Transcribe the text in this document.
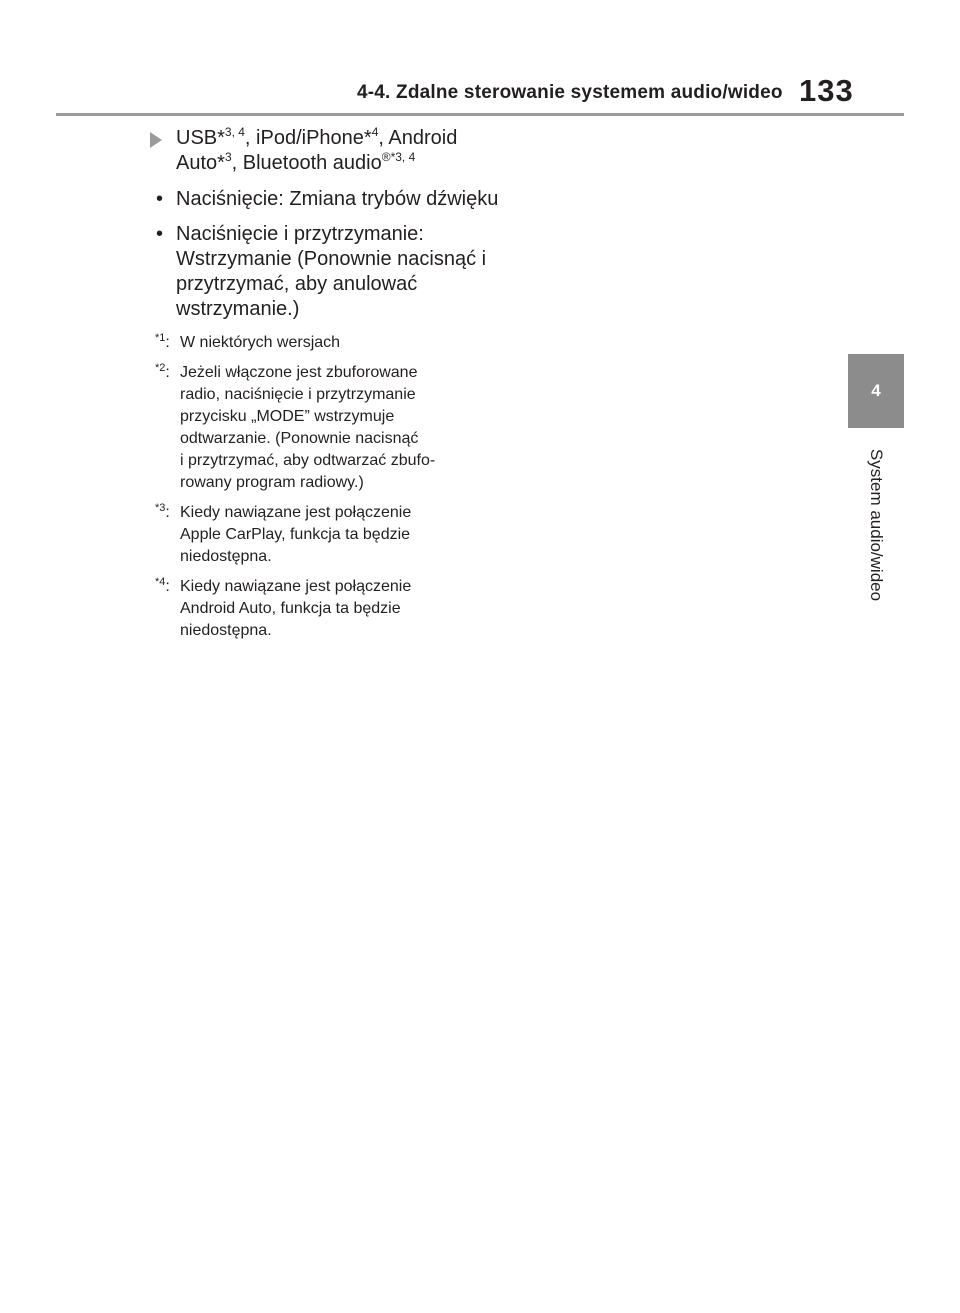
4-4. Zdalne sterowanie systemem audio/wideo 133
4
System audio/wideo
USB*$^{3, 4}$, iPod/iPhone*$^4$, Android Auto*$^3$, Bluetooth audio$^{®*3, 4}$
• Naciśnięcie: Zmiana trybów dźwięku
• Naciśnięcie i przytrzymanie: Wstrzymanie (Ponownie nacisnąć i przytrzymać, aby anulować wstrzymanie.)
$^{*1}$: W niektórych wersjach
$^{*2}$: Jeżeli włączone jest zbuforowane
radio, naciśnięcie i przytrzymanie
przycisku „MODE” wstrzymuje
odtwarzanie. (Ponownie nacisnąć
i przytrzymać, aby odtwarzać zbufo-
rowany program radiowy.)
$^{*3}$: Kiedy nawiązane jest połączenie
Apple CarPlay, funkcja ta będzie
niedostępna.
$^{*4}$: Kiedy nawiązane jest połączenie
Android Auto, funkcja ta będzie
niedostępna.
